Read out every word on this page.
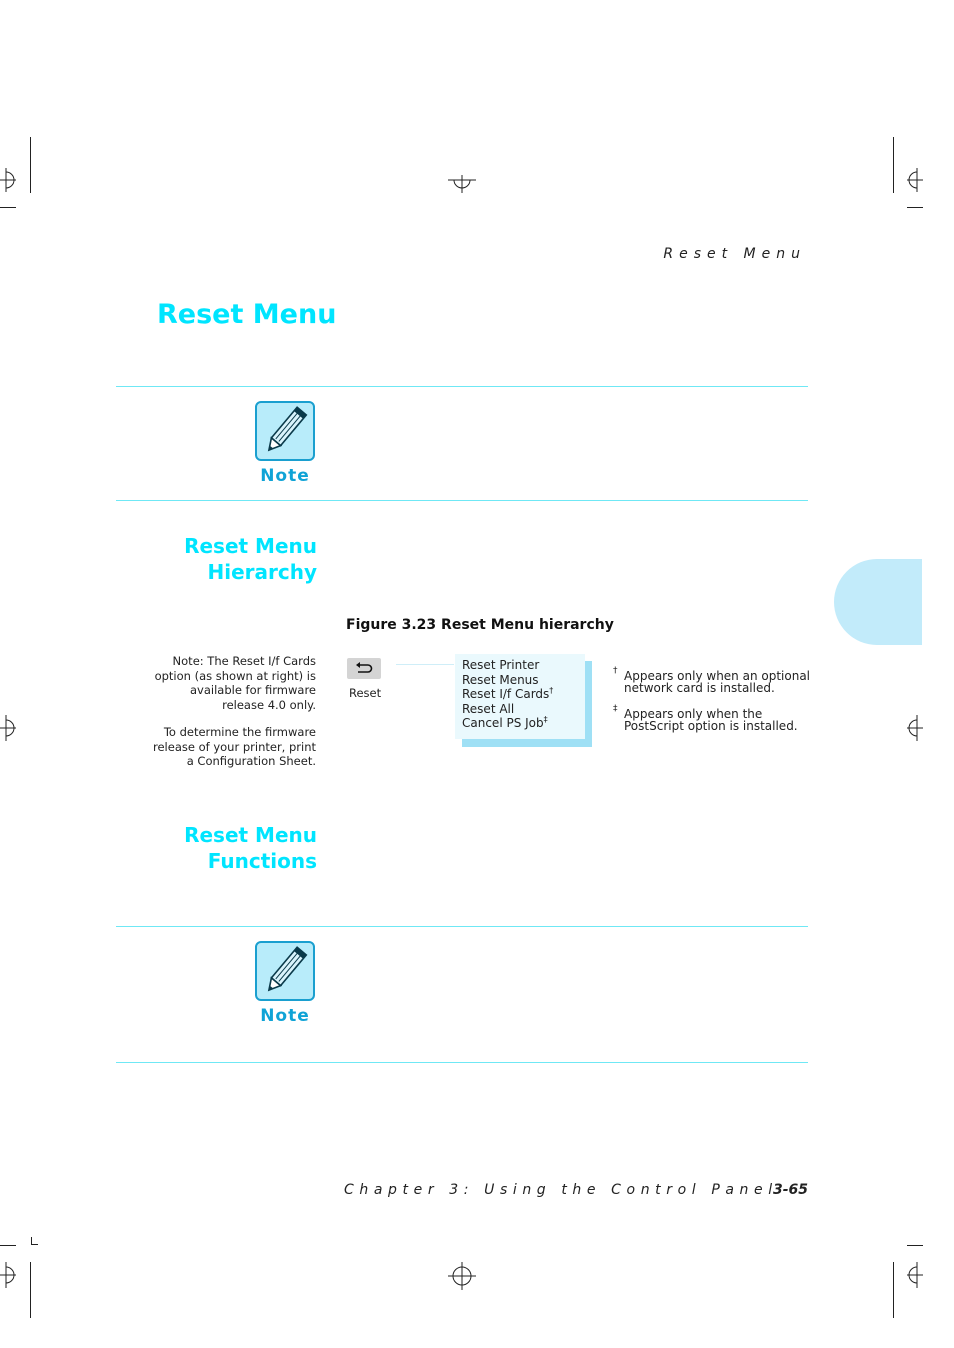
Reset Menu
Reset Menu
Note
Reset Menu
Hierarchy
Figure 3.23 Reset Menu hierarchy
Note: The Reset I/f Cards option (as shown at right) is available for firmware release 4.0 only.
To determine the firmware release of your printer, print a Configuration Sheet.
Reset
Reset Printer
Reset Menus
Reset I/f Cards†
Reset All
Cancel PS Job‡
† Appears only when an optional network card is installed.
‡ Appears only when the PostScript option is installed.
Reset Menu
Functions
Note
Chapter 3: Using the Control Panel
3-65
